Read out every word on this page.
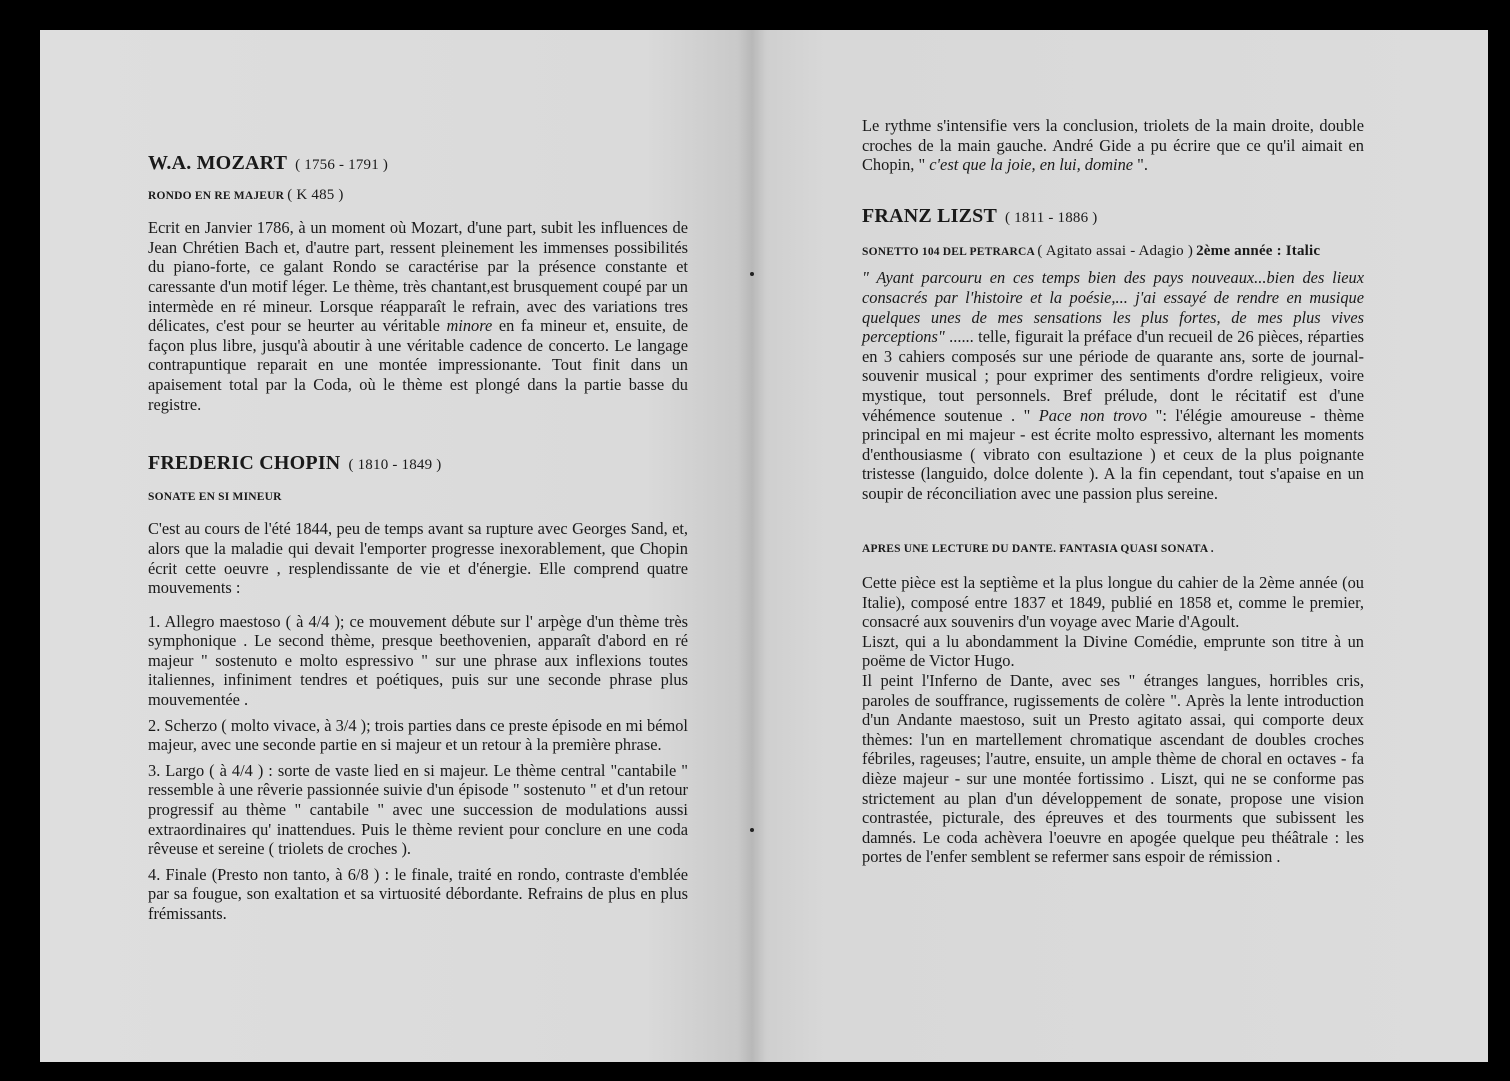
W.A. MOZART ( 1756 - 1791 )
RONDO EN RE MAJEUR ( K 485 )

Ecrit en Janvier 1786, à un moment où Mozart, d'une part, subit les influences de Jean Chrétien Bach et, d'autre part, ressent pleinement les immenses possibilités du piano-forte, ce galant Rondo se caractérise par la présence constante et caressante d'un motif léger. Le thème, très chantant,est brusquement coupé par un intermède en ré mineur. Lorsque réapparaît le refrain, avec des variations tres délicates, c'est pour se heurter au véritable minore en fa mineur et, ensuite, de façon plus libre, jusqu'à aboutir à une véritable cadence de concerto. Le langage contrapuntique reparait en une montée impressionante. Tout finit dans un apaisement total par la Coda, où le thème est plongé dans la partie basse du registre.

FREDERIC CHOPIN ( 1810 - 1849 )
SONATE EN SI MINEUR

C'est au cours de l'été 1844, peu de temps avant sa rupture avec Georges Sand, et, alors que la maladie qui devait l'emporter progresse inexorablement, que Chopin écrit cette oeuvre , resplendissante de vie et d'énergie. Elle comprend quatre mouvements :

1. Allegro maestoso ( à 4/4 ); ce mouvement débute sur l' arpège d'un thème très symphonique . Le second thème, presque beethovenien, apparaît d'abord en ré majeur " sostenuto e molto espressivo " sur une phrase aux inflexions toutes italiennes, infiniment tendres et poétiques, puis sur une seconde phrase plus mouvementée .

2. Scherzo ( molto vivace, à 3/4 ); trois parties dans ce preste épisode en mi bémol majeur, avec une seconde partie en si majeur et un retour à la première phrase.

3. Largo ( à 4/4 ) : sorte de vaste lied en si majeur. Le thème central "cantabile " ressemble à une rêverie passionnée suivie d'un épisode " sostenuto " et d'un retour progressif au thème " cantabile " avec une succession de modulations aussi extraordinaires qu' inattendues. Puis le thème revient pour conclure en une coda rêveuse et sereine ( triolets de croches ).

4. Finale (Presto non tanto, à 6/8 ) : le finale, traité en rondo, contraste d'emblée par sa fougue, son exaltation et sa virtuosité débordante. Refrains de plus en plus frémissants.

Le rythme s'intensifie vers la conclusion, triolets de la main droite, double croches de la main gauche. André Gide a pu écrire que ce qu'il aimait en Chopin, " c'est que la joie, en lui, domine ".

FRANZ LIZST ( 1811 - 1886 )
SONETTO 104 DEL PETRARCA ( Agitato assai - Adagio ) 2ème année : Italic

" Ayant parcouru en ces temps bien des pays nouveaux...bien des lieux consacrés par l'histoire et la poésie,... j'ai essayé de rendre en musique quelques unes de mes sensations les plus fortes, de mes plus vives perceptions" ...... telle, figurait la préface d'un recueil de 26 pièces, réparties en 3 cahiers composés sur une période de quarante ans, sorte de journal-souvenir musical ; pour exprimer des sentiments d'ordre religieux, voire mystique, tout personnels. Bref prélude, dont le récitatif est d'une véhémence soutenue . " Pace non trovo ": l'élégie amoureuse - thème principal en mi majeur - est écrite molto espressivo, alternant les moments d'enthousiasme ( vibrato con esultazione ) et ceux de la plus poignante tristesse (languido, dolce dolente ). A la fin cependant, tout s'apaise en un soupir de réconciliation avec une passion plus sereine.

APRES UNE LECTURE DU DANTE. FANTASIA QUASI SONATA .

Cette pièce est la septième et la plus longue du cahier de la 2ème année (ou Italie), composé entre 1837 et 1849, publié en 1858 et, comme le premier, consacré aux souvenirs d'un voyage avec Marie d'Agoult.

Liszt, qui a lu abondamment la Divine Comédie, emprunte son titre à un poëme de Victor Hugo.

Il peint l'Inferno de Dante, avec ses " étranges langues, horribles cris, paroles de souffrance, rugissements de colère ". Après la lente introduction d'un Andante maestoso, suit un Presto agitato assai, qui comporte deux thèmes: l'un en martellement chromatique ascendant de doubles croches fébriles, rageuses; l'autre, ensuite, un ample thème de choral en octaves - fa dièze majeur - sur une montée fortissimo . Liszt, qui ne se conforme pas strictement au plan d'un développement de sonate, propose une vision contrastée, picturale, des épreuves et des tourments que subissent les damnés. Le coda achèvera l'oeuvre en apogée quelque peu théâtrale : les portes de l'enfer semblent se refermer sans espoir de rémission .
